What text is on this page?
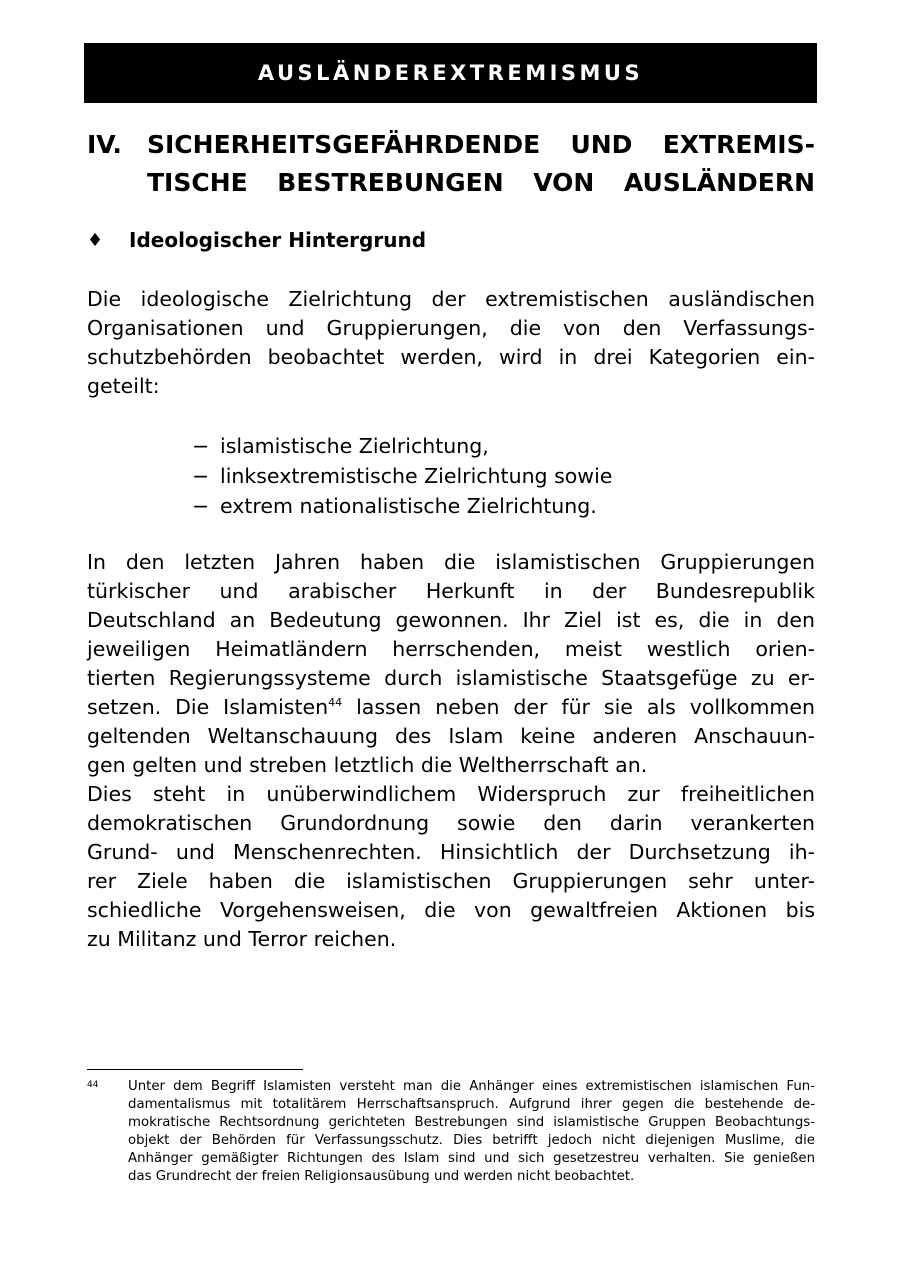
AUSLÄNDEREXTREMISMUS
IV. SICHERHEITSGEFÄHRDENDE UND EXTREMIS-
TISCHE BESTREBUNGEN VON AUSLÄNDERN
♦	Ideologischer Hintergrund

Die ideologische Zielrichtung der extremistischen ausländischen
Organisationen und Gruppierungen, die von den Verfassungs-
schutzbehörden beobachtet werden, wird in drei Kategorien ein-
geteilt:

− islamistische Zielrichtung,
− linksextremistische Zielrichtung sowie
− extrem nationalistische Zielrichtung.

In den letzten Jahren haben die islamistischen Gruppierungen
türkischer und arabischer Herkunft in der Bundesrepublik
Deutschland an Bedeutung gewonnen. Ihr Ziel ist es, die in den
jeweiligen Heimatländern herrschenden, meist westlich orien-
tierten Regierungssysteme durch islamistische Staatsgefüge zu er-
setzen. Die Islamisten$^{44}$ lassen neben der für sie als vollkommen
geltenden Weltanschauung des Islam keine anderen Anschauun-
gen gelten und streben letztlich die Weltherrschaft an.

Dies steht in unüberwindlichem Widerspruch zur freiheitlichen
demokratischen Grundordnung sowie den darin verankerten
Grund- und Menschenrechten. Hinsichtlich der Durchsetzung ih-
rer Ziele haben die islamistischen Gruppierungen sehr unter-
schiedliche Vorgehensweisen, die von gewaltfreien Aktionen bis
zu Militanz und Terror reichen.

44 Unter dem Begriff Islamisten versteht man die Anhänger eines extremistischen islamischen Fun-
damentalismus mit totalitärem Herrschaftsanspruch. Aufgrund ihrer gegen die bestehende de-
mokratische Rechtsordnung gerichteten Bestrebungen sind islamistische Gruppen Beobachtungs-
objekt der Behörden für Verfassungsschutz. Dies betrifft jedoch nicht diejenigen Muslime, die
Anhänger gemäßigter Richtungen des Islam sind und sich gesetzestreu verhalten. Sie genießen
das Grundrecht der freien Religionsausübung und werden nicht beobachtet.
